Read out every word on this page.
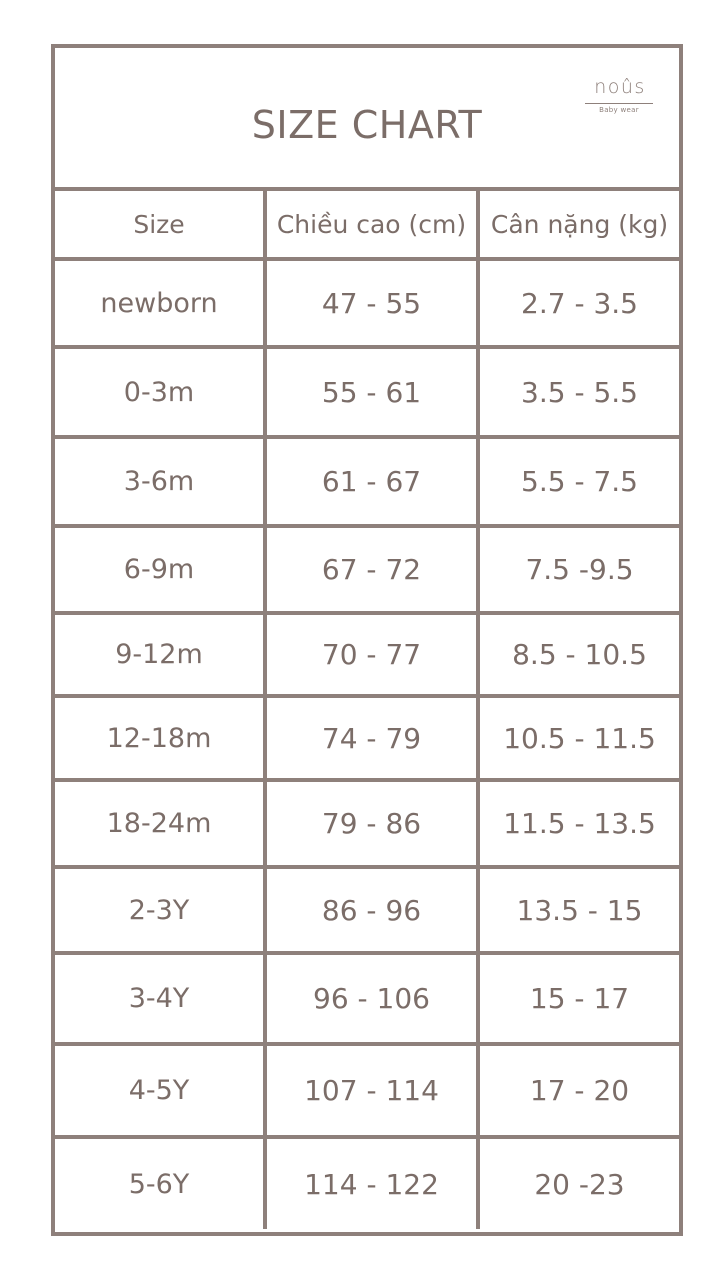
SIZE CHART
noûs
Baby wear
Size	Chiều cao (cm)	Cân nặng (kg)
newborn	47 - 55	2.7 - 3.5
0-3m	55 - 61	3.5 - 5.5
3-6m	61 - 67	5.5 - 7.5
6-9m	67 - 72	7.5 -9.5
9-12m	70 - 77	8.5 - 10.5
12-18m	74 - 79	10.5 - 11.5
18-24m	79 - 86	11.5 - 13.5
2-3Y	86 - 96	13.5 - 15
3-4Y	96 - 106	15 - 17
4-5Y	107 - 114	17 - 20
5-6Y	114 - 122	20 -23
